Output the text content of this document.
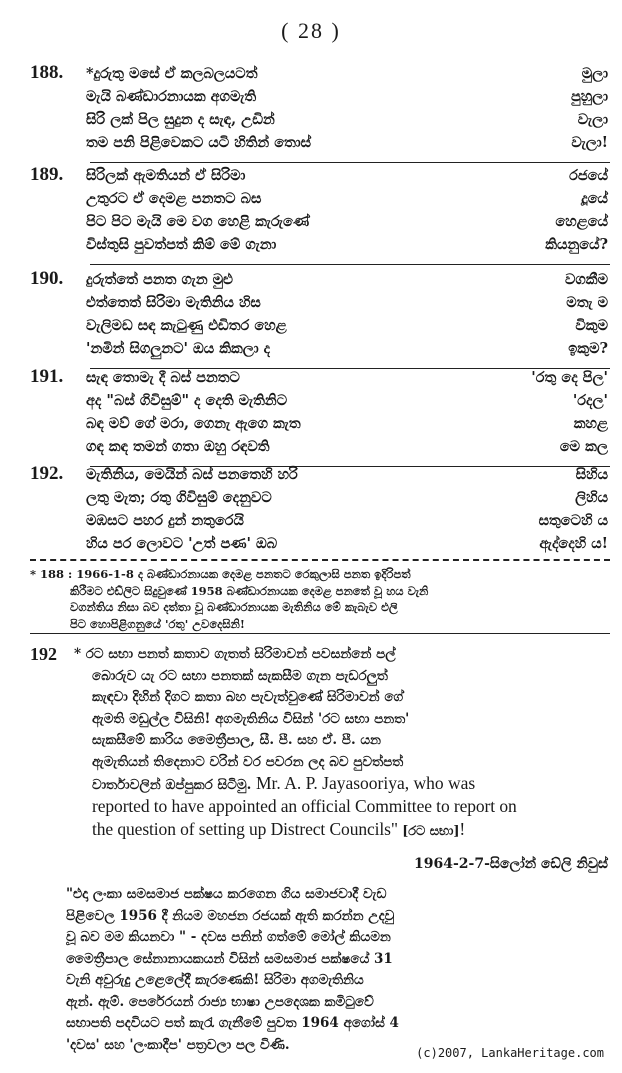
( 28 )
188. *දුරුතු මසේ ඒ කලබලයටත්	මුලා
මැයි බණ්ඩාරනායක අගමැති	පුහුලා
සිරි ලක් පිල සුදුන ද සැඳ, උඩින්	වැලා
තම පනි පිළිවෙකට යටි හිතින් තොස්	වැලා!
189. සිරිලක් ඇමතියන් ඒ සිරිමා	රජයේ
උතුරට ඒ දෙමළ පනතට බස	දූයේ
පිට පිට මැයි මෙ වග හෙළි කැරුණේ	හෙළයේ
විස්තුසි පුවත්පත් කිම් මේ ගැනා	කියනුයේ?
190. දුරුත්තේ පනත ගැන මුළු	වගකීම
එත්තෙත් සිරිමා මැතිනිය හිස	මතැ ම
වැලිමඩ සඳ කැටුණු එඩිතර හෙළ	විකුම
'නමින් සිගලුනට' ඔය කිකලා ද	ඉකුම?
191. සැඳ තොමැ දී බස් පනතට	'රතු දෙ පිල'
අද "බස් ගිවිසුම්" ද දෙති මැතිනිට	'රදල'
බඳ මව් ගේ මරා, ගෙනැ ඇගෙ කැත	කහළ
ගඳ කඳ තමන් ගතා ඔහු රඳවති	මෙ කල
192. මැතිනිය, මෙයින් බස් පනතෙහි හරි	සිහිය
ලතු මැත; රතු ගිවිසුම් දෙනුවට	ලිහිය
මඹසට පහර දුන් නතුරෙයි	සතුටෙහි ය
හිය පර ලොවට 'උත් පණ' ඔබ	ඇද්දෙහි ය!
* 188 : 1966-1-8 ද බණ්ඩාරනායක දෙමළ පනතට රෙකුලාසි පනත ඉදිරිපත්
කිරීමට එඩ්ලිට සිදුවුණේ 1958 බණ්ඩාරනායක දෙමළ පනතේ වූ හය වැනි
වගන්තිය නිසා බව දත්තා වූ බණ්ඩාරනායක මැතිනිය මේ කැබැව එලි
පිට හොපිළිගනුයේ 'රතු' උවදෙසිනි!
192	* රට සභා පනත් කතාව ගැතත් සිරිමාවන් පවසන්නේ පල්
බොරුව යැ රට සභා පනතක් සැකසීම ගැන පැඩරලුත්
කැඳවා දිහින් දිගට කතා බහ පැවැත්වුණේ සිරිමාවන් ගේ
ඇමති මඩුල්ල විසිනි! අගමැතිනිය විසින් 'රට සභා පනත'
සැකසීමේ කාරිය මෛත්‍රීපාල, සී. පී. සහ ඒ. පී. යන
ඇමැතියන් තිදෙනාට වරින් වර පවරන ලද බව පුවත්පත්
වාර්තාවලින් ඔප්පුකර සිටිමු. Mr. A. P. Jayasooriya, who was
reported to have appointed an official Committee to report on
the question of setting up Distrect Councils" [රට සභා]!
1964-2-7-සිලෝන් ඩේලි නිවුස්
"එදා ලංකා සමසමාජ පක්ෂය කරගෙන ගිය සමාජවාදී වැඩ
පිළිවෙල 1956 දී නියම මහජන රජයක් ඇති කරන්න උදවු
වූ බව මම කියනවා " - දවස පනින් ගත්මේ මෝල් කියමන
මෛත්‍රීපාල සේනානායකයන් විසින් සමසමාජ පක්ෂයේ 31
වැනි අවුරුදු උළෙලේදී කැරණෙකි! සිරිමා අගමැතිනිය
ඇන්. ඇම්. පෙරේරයන් රාජ්‍ය භාෂා උපදෙශක කමිටුවේ
සභාපති පදවියට පත් කැරැ ගැනීමේ පුවත 1964 අගෝස් 4
'දවස' සහ 'ලංකාදීප' පත්‍රවලා පල විණි.
(c)2007, LankaHeritage.com
